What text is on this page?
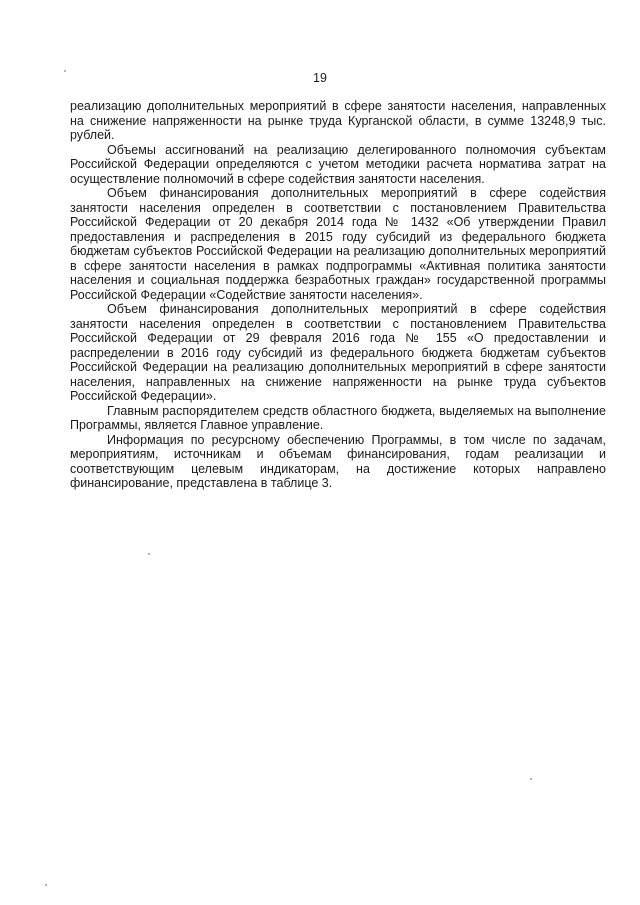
19

реализацию дополнительных мероприятий в сфере занятости населения, направленных на снижение напряженности на рынке труда Курганской области, в сумме 13248,9 тыс. рублей.

Объемы ассигнований на реализацию делегированного полномочия субъектам Российской Федерации определяются с учетом методики расчета норматива затрат на осуществление полномочий в сфере содействия занятости населения.

Объем финансирования дополнительных мероприятий в сфере содействия занятости населения определен в соответствии с постановлением Правительства Российской Федерации от 20 декабря 2014 года № 1432 «Об утверждении Правил предоставления и распределения в 2015 году субсидий из федерального бюджета бюджетам субъектов Российской Федерации на реализацию дополнительных мероприятий в сфере занятости населения в рамках подпрограммы «Активная политика занятости населения и социальная поддержка безработных граждан» государственной программы Российской Федерации «Содействие занятости населения».

Объем финансирования дополнительных мероприятий в сфере содействия занятости населения определен в соответствии с постановлением Правительства Российской Федерации от 29 февраля 2016 года № 155 «О предоставлении и распределении в 2016 году субсидий из федерального бюджета бюджетам субъектов Российской Федерации на реализацию дополнительных мероприятий в сфере занятости населения, направленных на снижение напряженности на рынке труда субъектов Российской Федерации».

Главным распорядителем средств областного бюджета, выделяемых на выполнение Программы, является Главное управление.

Информация по ресурсному обеспечению Программы, в том числе по задачам, мероприятиям, источникам и объемам финансирования, годам реализации и соответствующим целевым индикаторам, на достижение которых направлено финансирование, представлена в таблице 3.
